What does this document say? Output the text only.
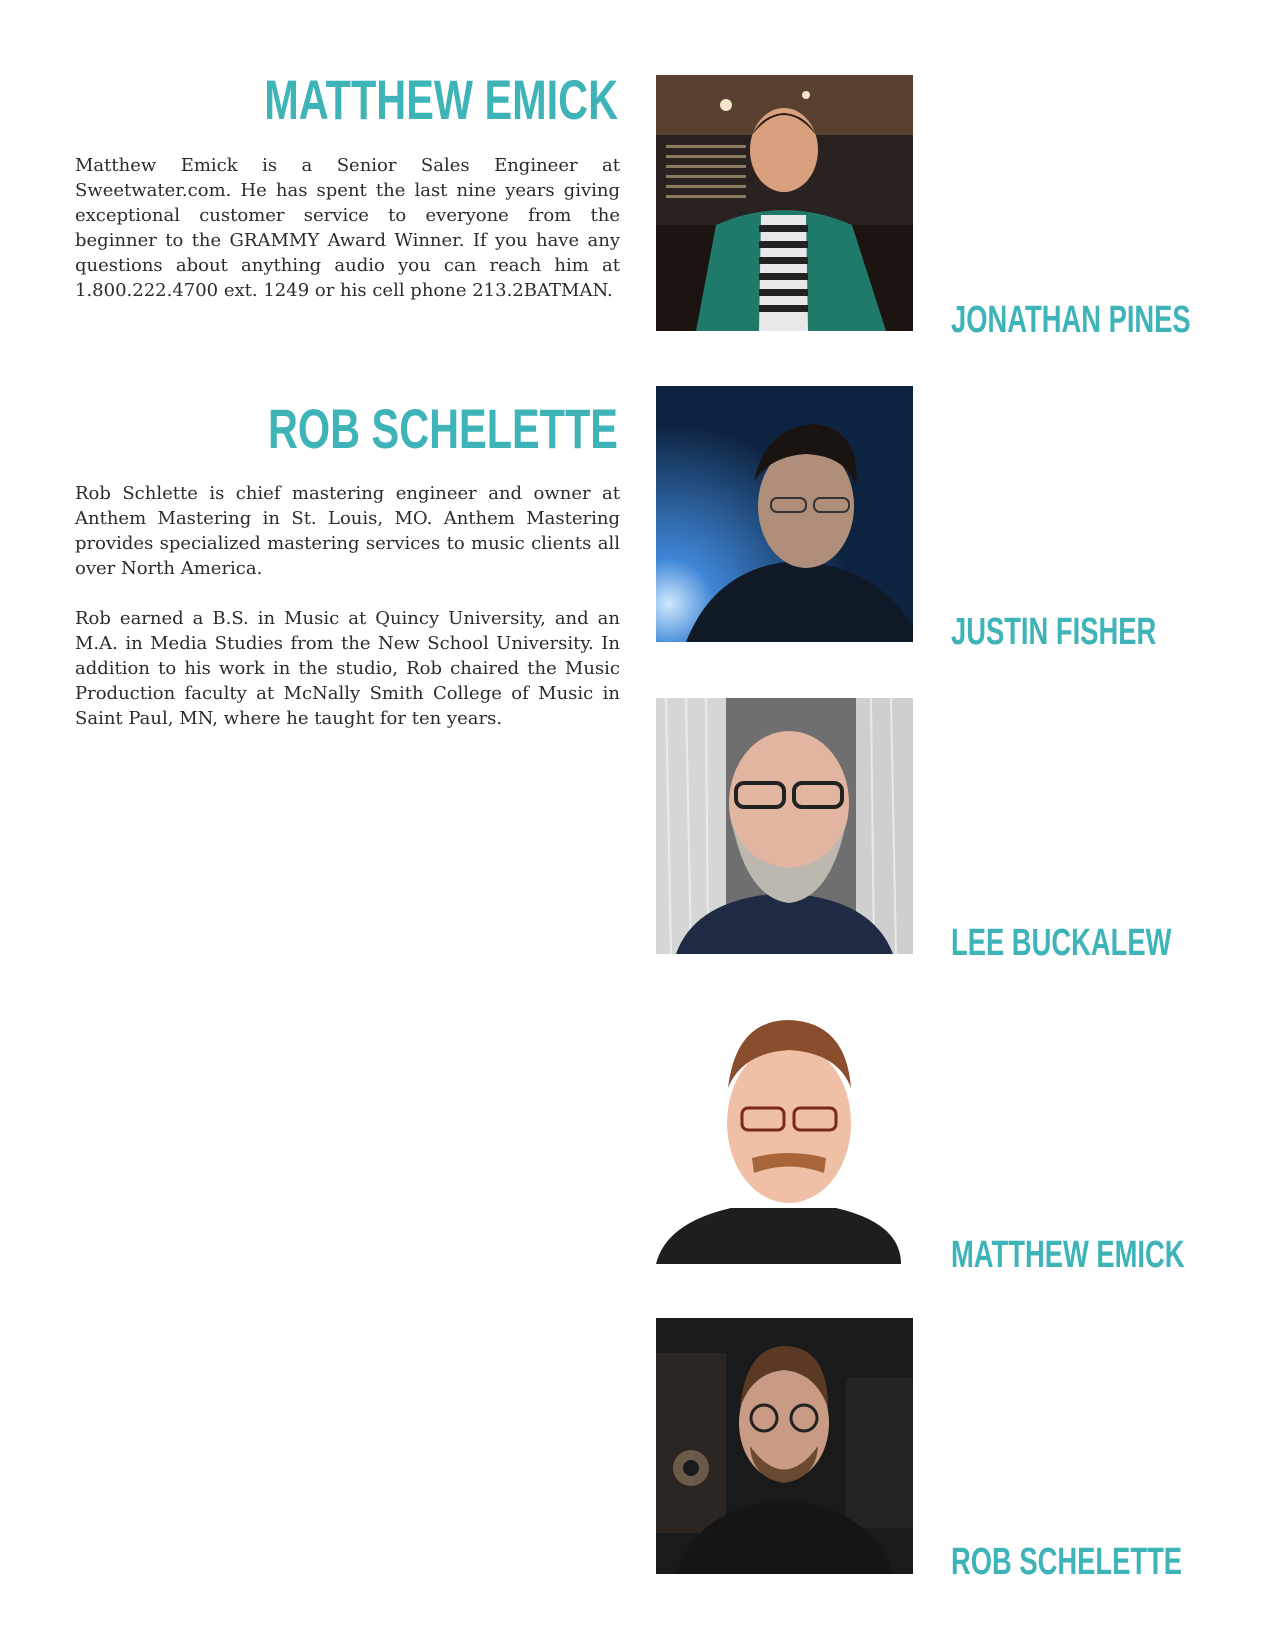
MATTHEW EMICK

Matthew Emick is a Senior Sales Engineer at Sweetwater.com. He has spent the last nine years giving exceptional customer service to everyone from the beginner to the GRAMMY Award Winner. If you have any questions about anything audio you can reach him at 1.800.222.4700 ext. 1249 or his cell phone 213.2BATMAN.

ROB SCHELETTE

Rob Schlette is chief mastering engineer and owner at Anthem Mastering in St. Louis, MO. Anthem Mastering provides specialized mastering services to music clients all over North America.

Rob earned a B.S. in Music at Quincy University, and an M.A. in Media Studies from the New School University. In addition to his work in the studio, Rob chaired the Music Production faculty at McNally Smith College of Music in Saint Paul, MN, where he taught for ten years.

JONATHAN PINES
JUSTIN FISHER
LEE BUCKALEW
MATTHEW EMICK
ROB SCHELETTE
